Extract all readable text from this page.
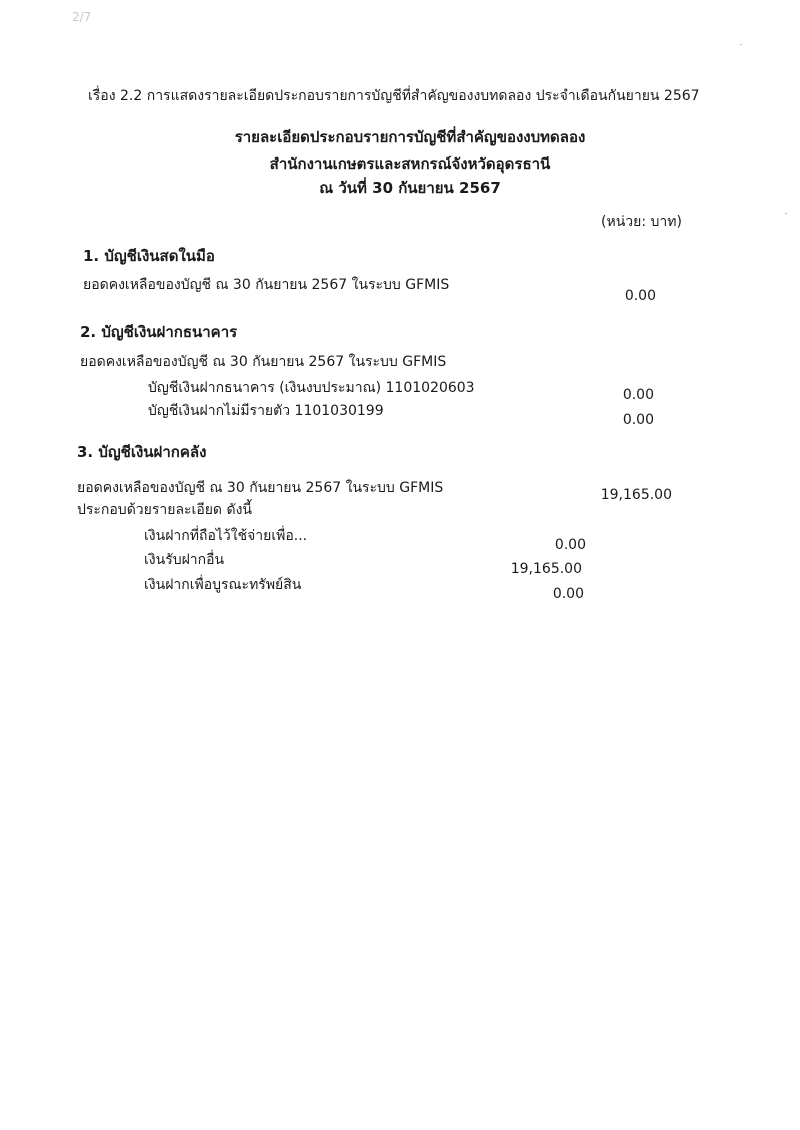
2/7
เรื่อง 2.2 การแสดงรายละเอียดประกอบรายการบัญชีที่สำคัญของงบทดลอง ประจำเดือนกันยายน 2567
รายละเอียดประกอบรายการบัญชีที่สำคัญของงบทดลอง
สำนักงานเกษตรและสหกรณ์จังหวัดอุดรธานี
ณ วันที่ 30 กันยายน 2567
(หน่วย: บาท)
1. บัญชีเงินสดในมือ
ยอดคงเหลือของบัญชี ณ 30 กันยายน 2567 ในระบบ GFMIS
0.00
2. บัญชีเงินฝากธนาคาร
ยอดคงเหลือของบัญชี ณ 30 กันยายน 2567 ในระบบ GFMIS
บัญชีเงินฝากธนาคาร (เงินงบประมาณ) 1101020603	0.00
บัญชีเงินฝากไม่มีรายตัว 1101030199
0.00
3. บัญชีเงินฝากคลัง
ยอดคงเหลือของบัญชี ณ 30 กันยายน 2567 ในระบบ GFMIS	19,165.00
ประกอบด้วยรายละเอียด ดังนี้
เงินฝากที่ถือไว้ใช้จ่ายเพื่อ...
0.00
เงินรับฝากอื่น
19,165.00
เงินฝากเพื่อบูรณะทรัพย์สิน
0.00
